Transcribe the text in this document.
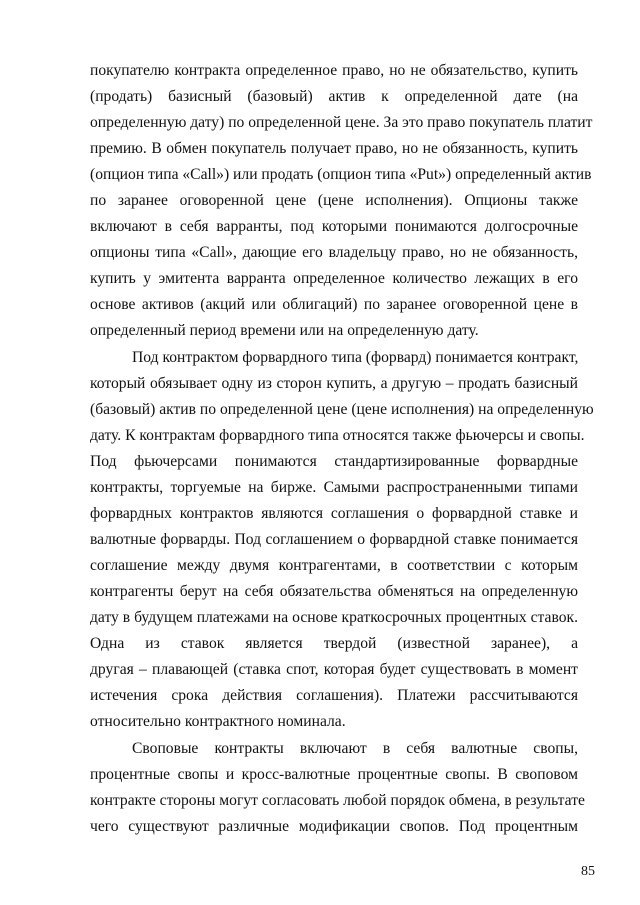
покупателю контракта определенное право, но не обязательство, купить
(продать) базисный (базовый) актив к определенной дате (на
определенную дату) по определенной цене. За это право покупатель платит
премию. В обмен покупатель получает право, но не обязанность, купить
(опцион типа «Call») или продать (опцион типа «Put») определенный актив
по заранее оговоренной цене (цене исполнения). Опционы также
включают в себя варранты, под которыми понимаются долгосрочные
опционы типа «Call», дающие его владельцу право, но не обязанность,
купить у эмитента варранта определенное количество лежащих в его
основе активов (акций или облигаций) по заранее оговоренной цене в
определенный период времени или на определенную дату.
Под контрактом форвардного типа (форвард) понимается контракт,
который обязывает одну из сторон купить, а другую – продать базисный
(базовый) актив по определенной цене (цене исполнения) на определенную
дату. К контрактам форвардного типа относятся также фьючерсы и свопы.
Под фьючерсами понимаются стандартизированные форвардные
контракты, торгуемые на бирже. Самыми распространенными типами
форвардных контрактов являются соглашения о форвардной ставке и
валютные форварды. Под соглашением о форвардной ставке понимается
соглашение между двумя контрагентами, в соответствии с которым
контрагенты берут на себя обязательства обменяться на определенную
дату в будущем платежами на основе краткосрочных процентных ставок.
Одна из ставок является твердой (известной заранее), а
другая – плавающей (ставка спот, которая будет существовать в момент
истечения срока действия соглашения). Платежи рассчитываются
относительно контрактного номинала.
Своповые контракты включают в себя валютные свопы,
процентные свопы и кросс-валютные процентные свопы. В своповом
контракте стороны могут согласовать любой порядок обмена, в результате
чего существуют различные модификации свопов. Под процентным
85
